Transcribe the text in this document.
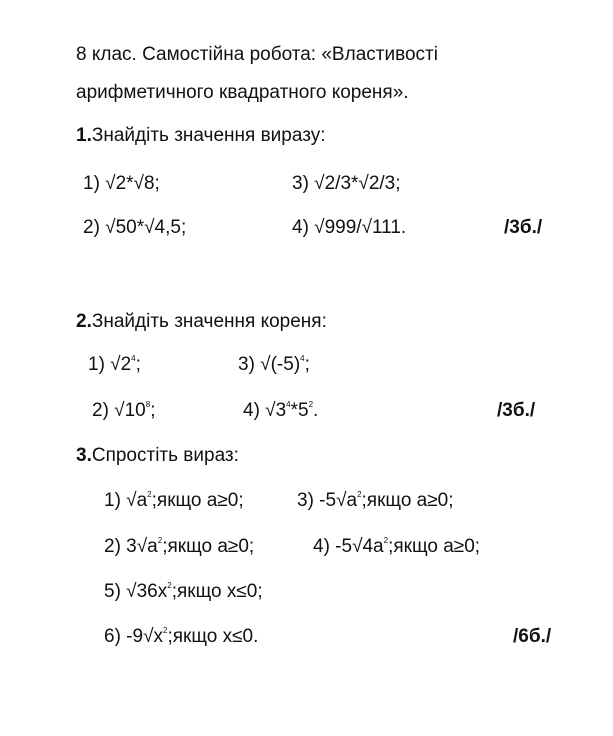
8 клас. Самостійна робота: «Властивості
арифметичного квадратного кореня».
1.Знайдіть значення виразу:
1) √2*√8;	3) √2/3*√2/3;
2) √50*√4,5;	4) √999/√111.	/3б./
2.Знайдіть значення кореня:
1) $√2^4$;	3) $√(-5)^4$;
2) $√10^8$;	4) $√3^4*5^2$.	/3б./
3.Спростіть вираз:
1) $√a^2;якщо$ a≥0;	3) $-5√a^2;якщо$ a≥0;
2) $3√a^2;якщо$ a≥0;	4) $-5√4a^2;якщо$ a≥0;
5) $√36x^2;якщо$ x≤0;
6) $-9√x^2;якщо$ x≤0.	/6б./
